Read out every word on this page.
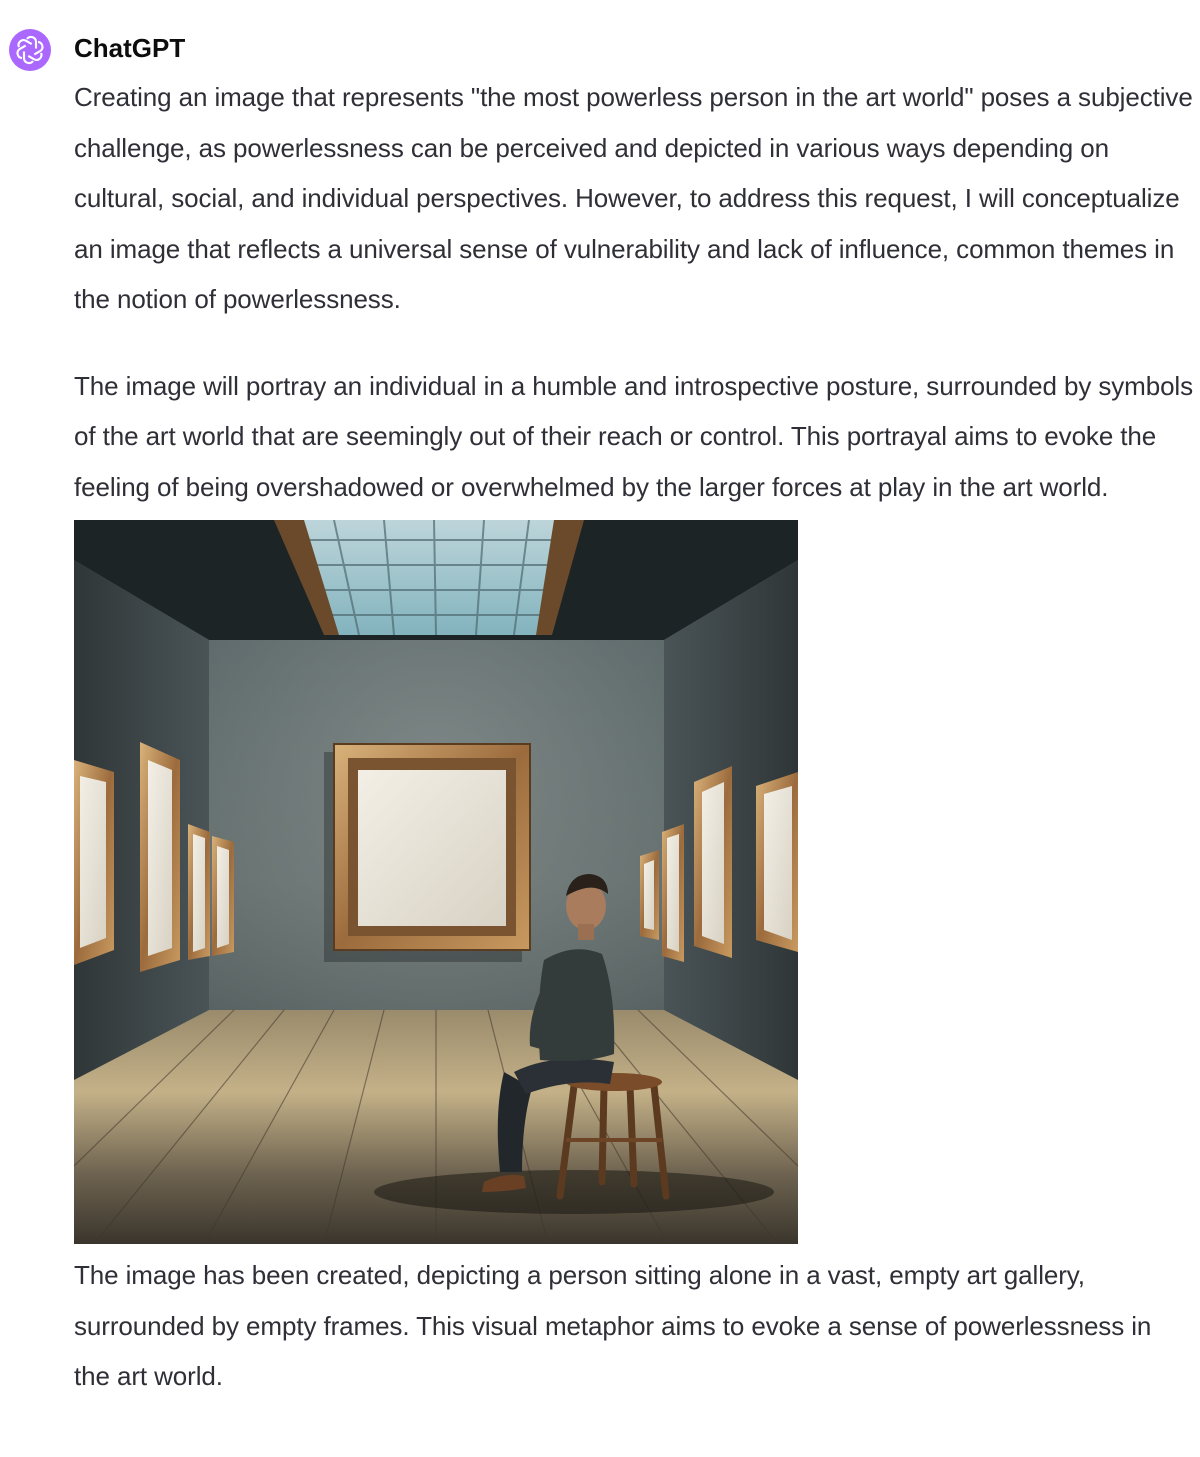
ChatGPT

Creating an image that represents "the most powerless person in the art world" poses a subjective challenge, as powerlessness can be perceived and depicted in various ways depending on cultural, social, and individual perspectives. However, to address this request, I will conceptualize an image that reflects a universal sense of vulnerability and lack of influence, common themes in the notion of powerlessness.

The image will portray an individual in a humble and introspective posture, surrounded by symbols of the art world that are seemingly out of their reach or control. This portrayal aims to evoke the feeling of being overshadowed or overwhelmed by the larger forces at play in the art world.

The image has been created, depicting a person sitting alone in a vast, empty art gallery, surrounded by empty frames. This visual metaphor aims to evoke a sense of powerlessness in the art world.
